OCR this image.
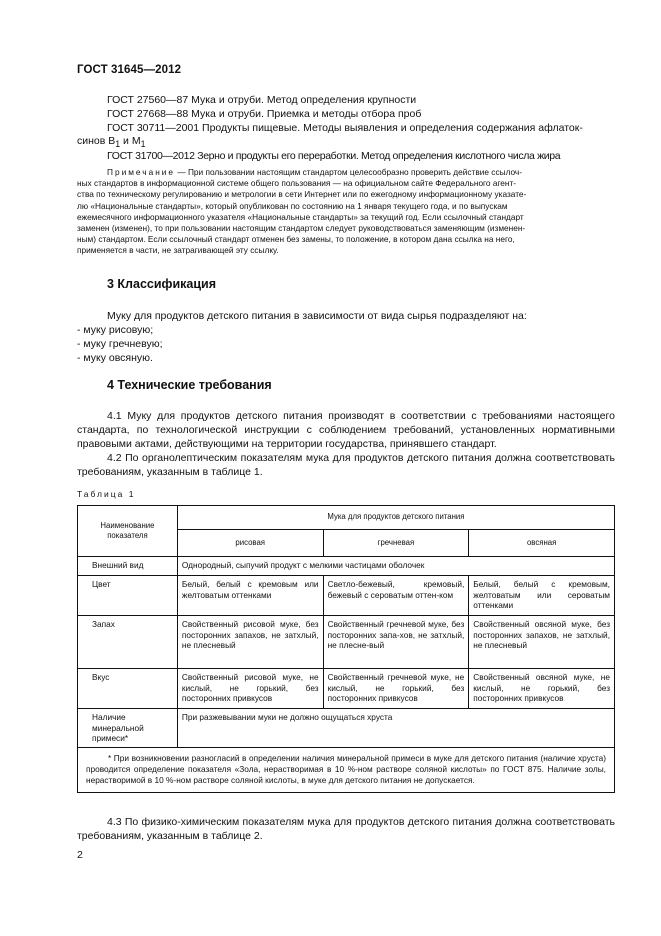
ГОСТ 31645—2012
ГОСТ 27560—87 Мука и отруби. Метод определения крупности
ГОСТ 27668—88 Мука и отруби. Приемка и методы отбора проб
ГОСТ 30711—2001 Продукты пищевые. Методы выявления и определения содержания афлаток-
синов $B_1$ и $M_1$
ГОСТ 31700—2012 Зерно и продукты его переработки. Метод определения кислотного числа жира
Примечание — При пользовании настоящим стандартом целесообразно проверить действие ссылоч-
ных стандартов в информационной системе общего пользования — на официальном сайте Федерального агент-
ства по техническому регулированию и метрологии в сети Интернет или по ежегодному информационному указате-
лю «Национальные стандарты», который опубликован по состоянию на 1 января текущего года, и по выпускам
ежемесячного информационного указателя «Национальные стандарты» за текущий год. Если ссылочный стандарт
заменен (изменен), то при пользовании настоящим стандартом следует руководствоваться заменяющим (изменен-
ным) стандартом. Если ссылочный стандарт отменен без замены, то положение, в котором дана ссылка на него,
применяется в части, не затрагивающей эту ссылку.
3 Классификация
Муку для продуктов детского питания в зависимости от вида сырья подразделяют на:
- муку рисовую;
- муку гречневую;
- муку овсяную.
4 Технические требования
4.1 Муку для продуктов детского питания производят в соответствии с требованиями настоящего стандарта, по технологической инструкции с соблюдением требований, установленных нормативными правовыми актами, действующими на территории государства, принявшего стандарт.
4.2 По органолептическим показателям мука для продуктов детского питания должна соответствовать требованиям, указанным в таблице 1.
Таблица 1
Наименование показателя	Мука для продуктов детского питания		
	рисовая	гречневая	овсяная
Внешний вид	Однородный, сыпучий продукт с мелкими частицами оболочек		
Цвет	Белый, белый с кремовым или желтоватым оттенками	Светло-бежевый, кремовый, бежевый с сероватым оттен-ком	Белый, белый с кремовым, желтоватым или сероватым оттенками
Запах	Свойственный рисовой муке, без посторонних запахов, не затхлый, не плесневый	Свойственный гречневой муке, без посторонних запа-хов, не затхлый, не плесне-вый	Свойственный овсяной муке, без посторонних запахов, не затхлый, не плесневый
Вкус	Свойственный рисовой муке, не кислый, не горький, без посторонних привкусов	Свойственный гречневой муке, не кислый, не горький, без посторонних привкусов	Свойственный овсяной муке, не кислый, не горький, без посторонних привкусов
Наличие минеральной примеси*	При разжевывании муки не должно ощущаться хруста		
* При возникновении разногласий в определении наличия минеральной примеси в муке для детского питания (наличие хруста) проводится определение показателя «Зола, нерастворимая в 10 %-ном растворе соляной кислоты» по ГОСТ 875. Наличие золы, нерастворимой в 10 %-ном растворе соляной кислоты, в муке для детского питания не допускается.			
4.3 По физико-химическим показателям мука для продуктов детского питания должна соответствовать требованиям, указанным в таблице 2.
2
